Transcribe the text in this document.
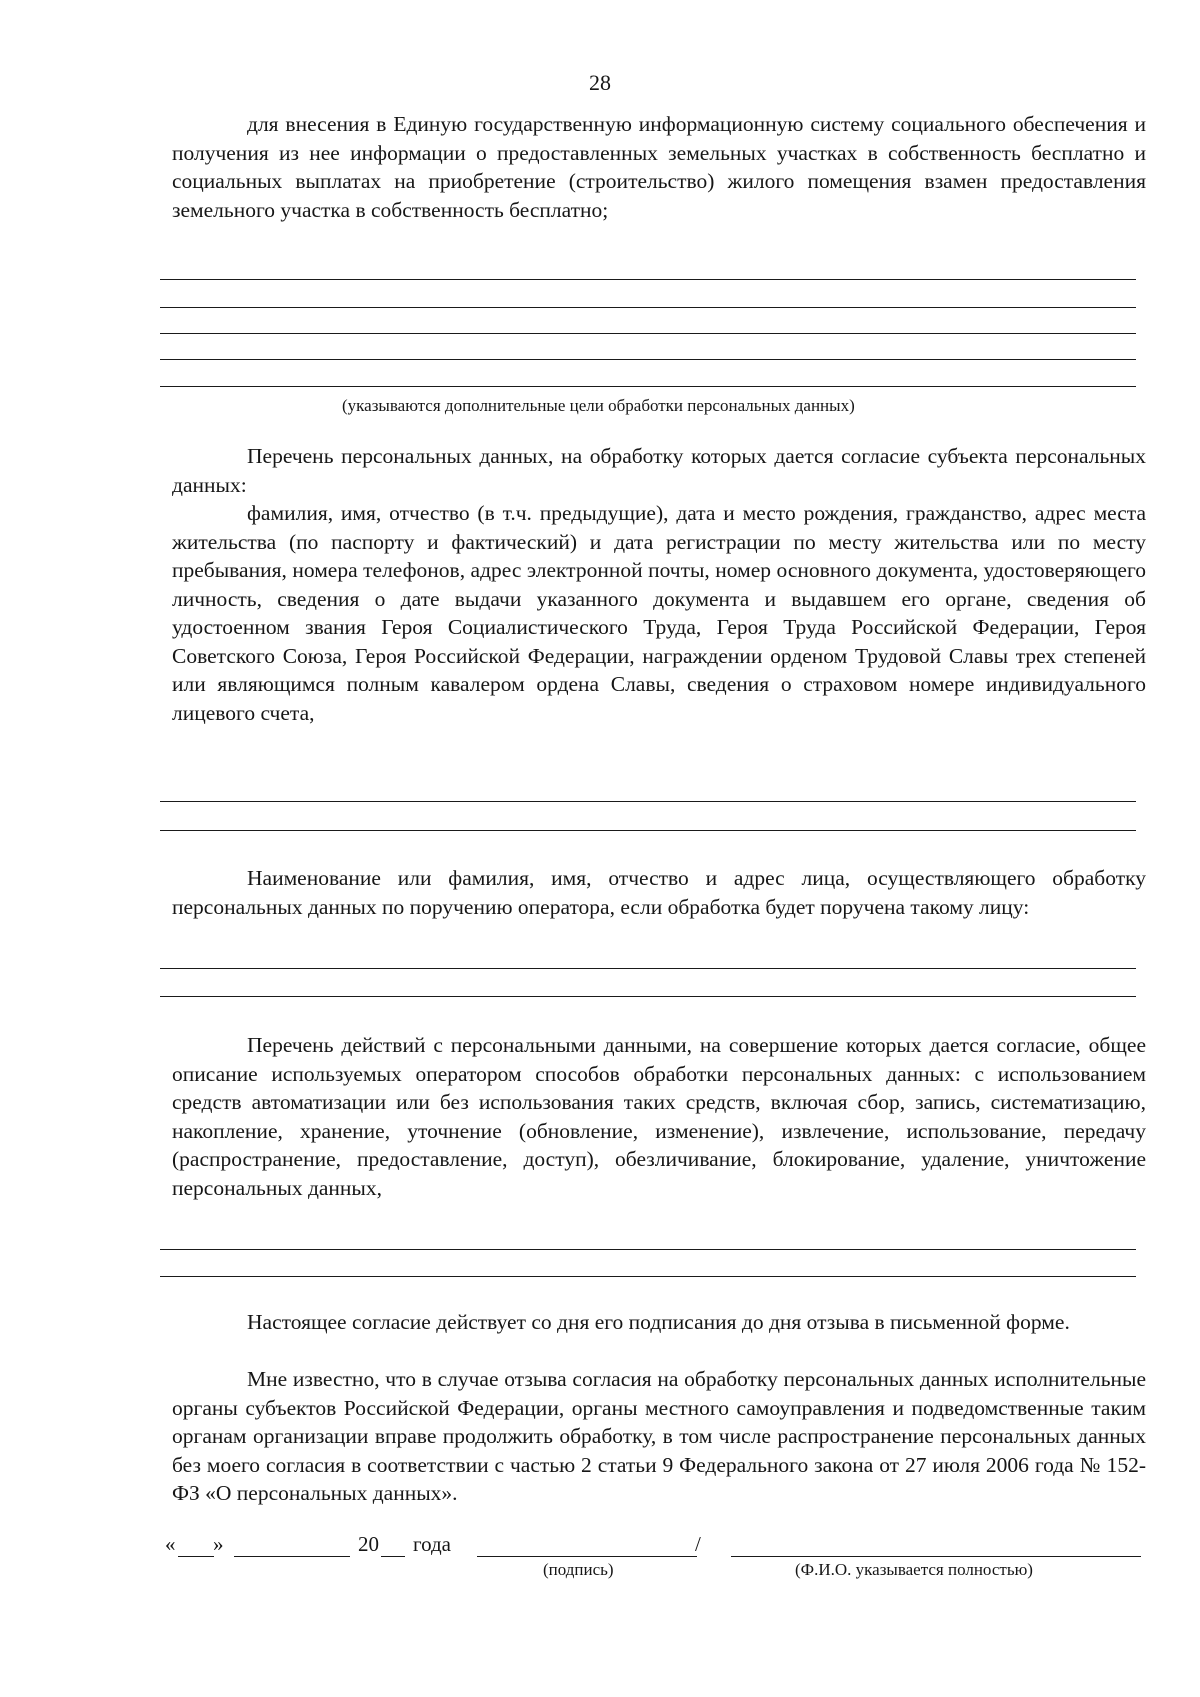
28

для внесения в Единую государственную информационную систему социального обеспечения и получения из нее информации о предоставленных земельных участках в собственность бесплатно и социальных выплатах на приобретение (строительство) жилого помещения взамен предоставления земельного участка в собственность бесплатно;

(указываются дополнительные цели обработки персональных данных)

Перечень персональных данных, на обработку которых дается согласие субъекта персональных данных:

фамилия, имя, отчество (в т.ч. предыдущие), дата и место рождения, гражданство, адрес места жительства (по паспорту и фактический) и дата регистрации по месту жительства или по месту пребывания, номера телефонов, адрес электронной почты, номер основного документа, удостоверяющего личность, сведения о дате выдачи указанного документа и выдавшем его органе, сведения об удостоенном звания Героя Социалистического Труда, Героя Труда Российской Федерации, Героя Советского Союза, Героя Российской Федерации, награждении орденом Трудовой Славы трех степеней или являющимся полным кавалером ордена Славы, сведения о страховом номере индивидуального лицевого счета,

Наименование или фамилия, имя, отчество и адрес лица, осуществляющего обработку персональных данных по поручению оператора, если обработка будет поручена такому лицу:

Перечень действий с персональными данными, на совершение которых дается согласие, общее описание используемых оператором способов обработки персональных данных: с использованием средств автоматизации или без использования таких средств, включая сбор, запись, систематизацию, накопление, хранение, уточнение (обновление, изменение), извлечение, использование, передачу (распространение, предоставление, доступ), обезличивание, блокирование, удаление, уничтожение персональных данных,

Настоящее согласие действует со дня его подписания до дня отзыва в письменной форме.

Мне известно, что в случае отзыва согласия на обработку персональных данных исполнительные органы субъектов Российской Федерации, органы местного самоуправления и подведомственные таким органам организации вправе продолжить обработку, в том числе распространение персональных данных без моего согласия в соответствии с частью 2 статьи 9 Федерального закона от 27 июля 2006 года № 152-ФЗ «О персональных данных».

« »	20 года	/
(подпись)	(Ф.И.О. указывается полностью)
